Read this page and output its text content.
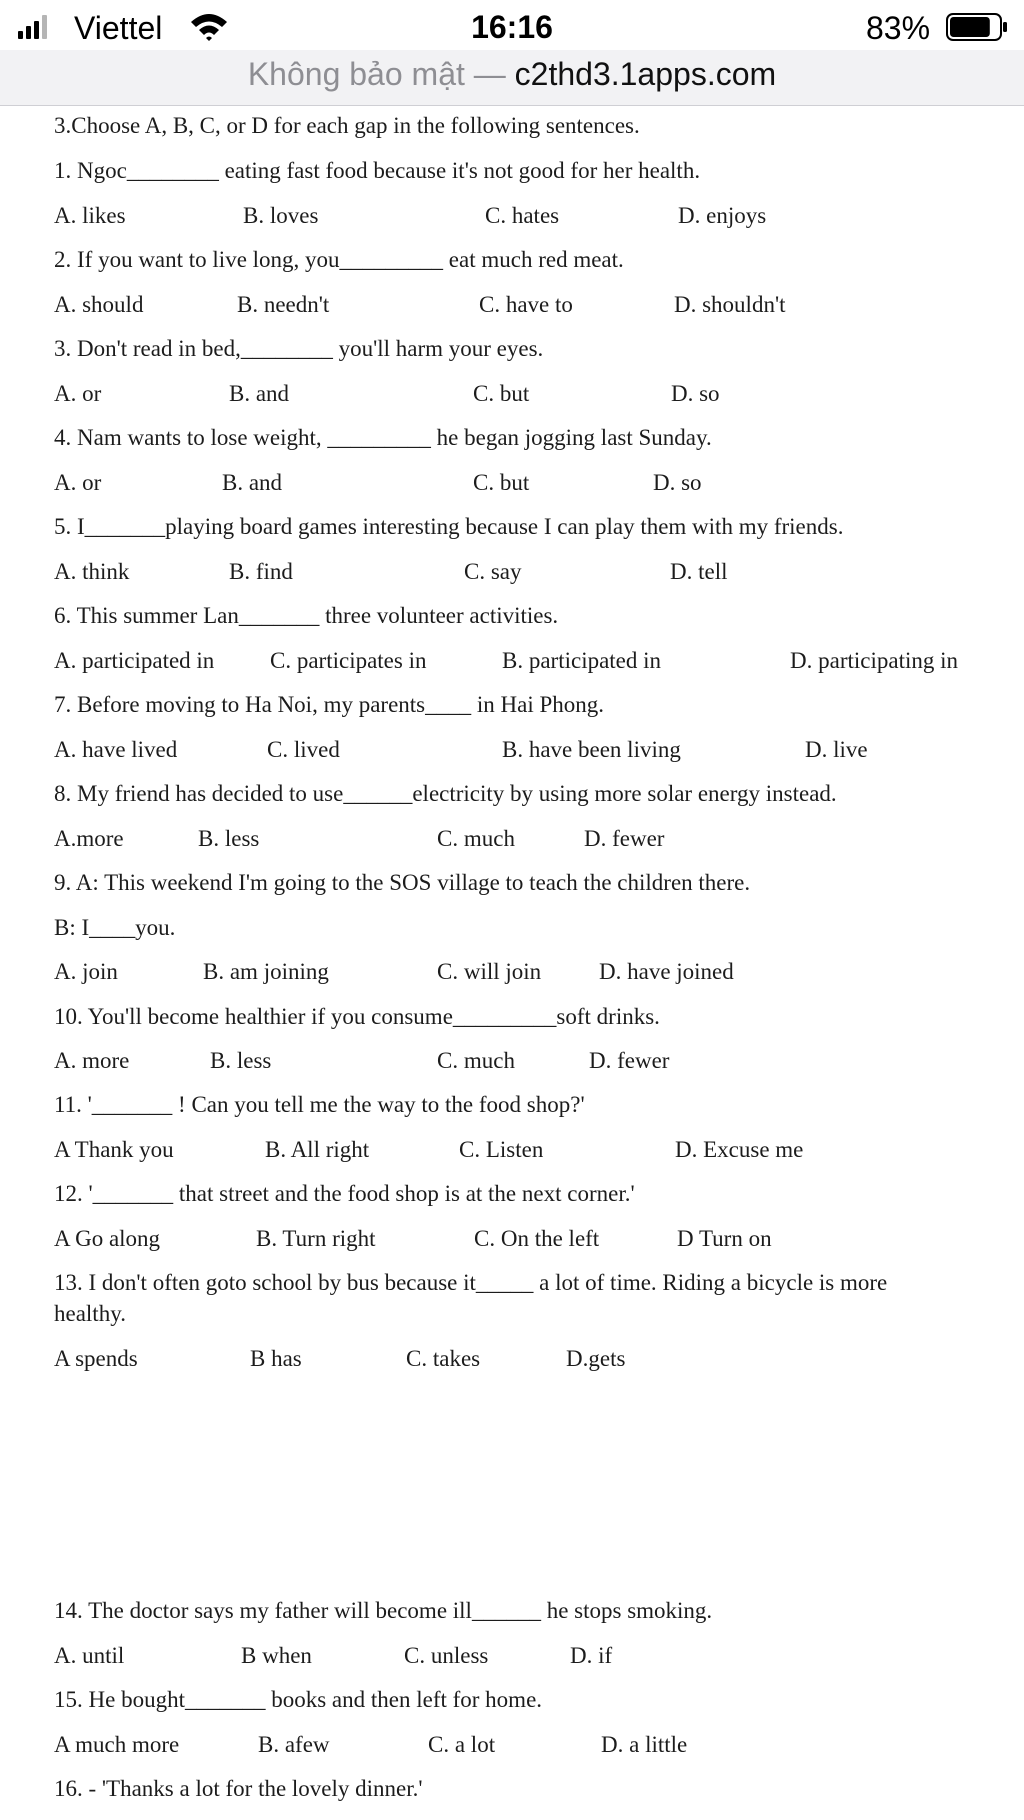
Viettel	16:16	83%
Không bảo mật — c2thd3.1apps.com
3.Choose A, B, C, or D for each gap in the following sentences.
1. Ngoc________ eating fast food because it's not good for her health.
A. likes	B. loves	C. hates	D. enjoys
2. If you want to live long, you_________ eat much red meat.
A. should	B. needn't	C. have to	D. shouldn't
3. Don't read in bed,________ you'll harm your eyes.
A. or	B. and	C. but	D. so
4. Nam wants to lose weight, _________ he began jogging last Sunday.
A. or	B. and	C. but	D. so
5. I_______playing board games interesting because I can play them with my friends.
A. think	B. find	C. say	D. tell
6. This summer Lan_______ three volunteer activities.
A. participated in C. participates in	B. participated in	D. participating in
7. Before moving to Ha Noi, my parents____ in Hai Phong.
A. have lived	C. lived	B. have been living	D. live
8. My friend has decided to use______electricity by using more solar energy instead.
A.more	B. less	C. much	D. fewer
9. A: This weekend I'm going to the SOS village to teach the children there.
B: I____you.
A. join	B. am joining	C. will join	D. have joined
10. You'll become healthier if you consume_________soft drinks.
A. more	B. less	C. much	D. fewer
11. '_______ ! Can you tell me the way to the food shop?'
A Thank you	B. All right	C. Listen	D. Excuse me
12. '_______ that street and the food shop is at the next corner.'
A Go along	B. Turn right	C. On the left	D Turn on
13. I don't often goto school by bus because it_____ a lot of time. Riding a bicycle is more
healthy.
A spends	B has	C. takes	D.gets
14. The doctor says my father will become ill______ he stops smoking.
A. until	B when	C. unless	D. if
15. He bought_______ books and then left for home.
A much more	B. afew	C. a lot	D. a little
16. - 'Thanks a lot for the lovely dinner.'
